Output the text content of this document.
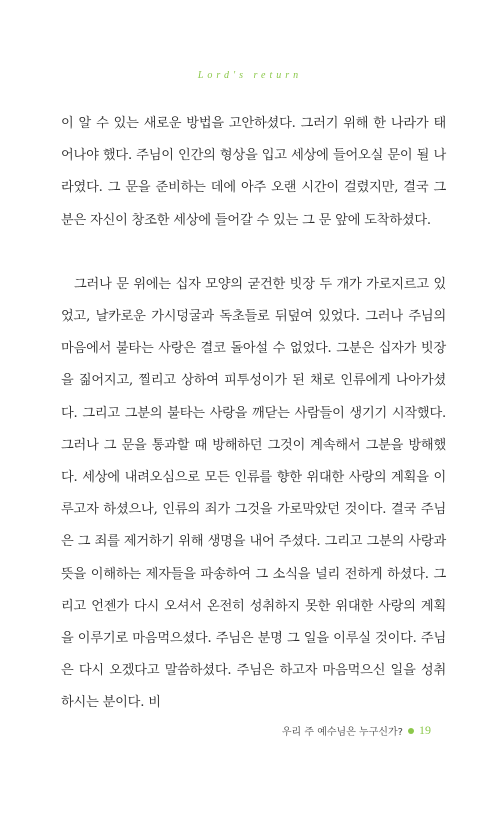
Lord's return

이 알 수 있는 새로운 방법을 고안하셨다. 그러기 위해 한 나라가 태어나야 했다. 주님이 인간의 형상을 입고 세상에 들어오실 문이 될 나라였다. 그 문을 준비하는 데에 아주 오랜 시간이 걸렸지만, 결국 그분은 자신이 창조한 세상에 들어갈 수 있는 그 문 앞에 도착하셨다.

그러나 문 위에는 십자 모양의 굳건한 빗장 두 개가 가로지르고 있었고, 날카로운 가시덩굴과 독초들로 뒤덮여 있었다. 그러나 주님의 마음에서 불타는 사랑은 결코 돌아설 수 없었다. 그분은 십자가 빗장을 짊어지고, 찔리고 상하여 피투성이가 된 채로 인류에게 나아가셨다. 그리고 그분의 불타는 사랑을 깨닫는 사람들이 생기기 시작했다. 그러나 그 문을 통과할 때 방해하던 그것이 계속해서 그분을 방해했다. 세상에 내려오심으로 모든 인류를 향한 위대한 사랑의 계획을 이루고자 하셨으나, 인류의 죄가 그것을 가로막았던 것이다. 결국 주님은 그 죄를 제거하기 위해 생명을 내어 주셨다. 그리고 그분의 사랑과 뜻을 이해하는 제자들을 파송하여 그 소식을 널리 전하게 하셨다. 그리고 언젠가 다시 오셔서 온전히 성취하지 못한 위대한 사랑의 계획을 이루기로 마음먹으셨다. 주님은 분명 그 일을 이루실 것이다. 주님은 다시 오겠다고 말씀하셨다. 주님은 하고자 마음먹으신 일을 성취하시는 분이다. 비

우리 주 예수님은 누구신가? 19
